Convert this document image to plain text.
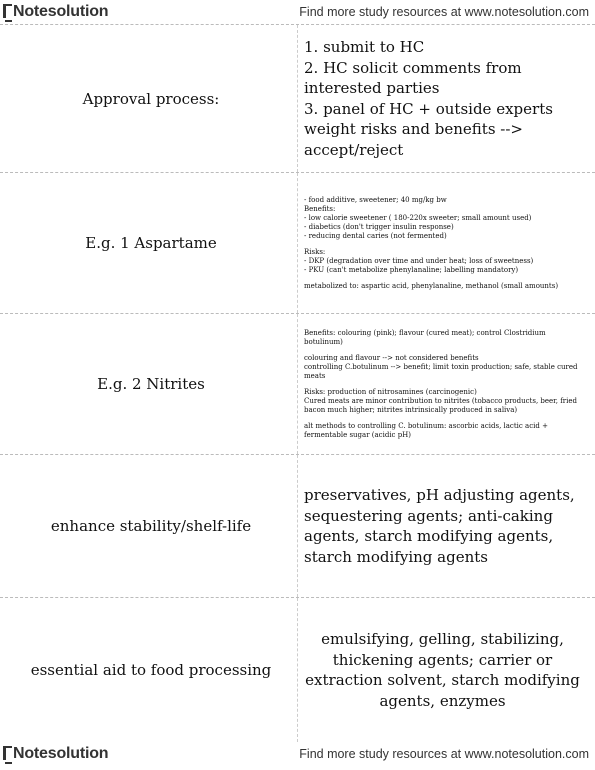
Notesolution	Find more study resources at www.notesolution.com
Approval process:
1. submit to HC
2. HC solicit comments from
interested parties
3. panel of HC + outside experts
weight risks and benefits -->
accept/reject
E.g. 1 Aspartame
- food additive, sweetener; 40 mg/kg bw
Benefits:
- low calorie sweetener ( 180-220x sweeter; small amount used)
- diabetics (don't trigger insulin response)
- reducing dental caries (not fermented)
Risks:
- DKP (degradation over time and under heat; loss of sweetness)
- PKU (can't metabolize phenylanaline; labelling mandatory)
metabolized to: aspartic acid, phenylanaline, methanol (small amounts)
E.g. 2 Nitrites
Benefits: colouring (pink); flavour (cured meat); control Clostridium
botulinum)
colouring and flavour --> not considered benefits
controlling C.botulinum --> benefit; limit toxin production; safe, stable cured
meats
Risks: production of nitrosamines (carcinogenic)
Cured meats are minor contribution to nitrites (tobacco products, beer, fried
bacon much higher; nitrites intrinsically produced in saliva)
alt methods to controlling C. botulinum: ascorbic acids, lactic acid +
fermentable sugar (acidic pH)
enhance stability/shelf-life
preservatives, pH adjusting agents,
sequestering agents; anti-caking
agents, starch modifying agents,
starch modifying agents
essential aid to food processing
emulsifying, gelling, stabilizing,
thickening agents; carrier or
extraction solvent, starch modifying
agents, enzymes
Notesolution	Find more study resources at www.notesolution.com
